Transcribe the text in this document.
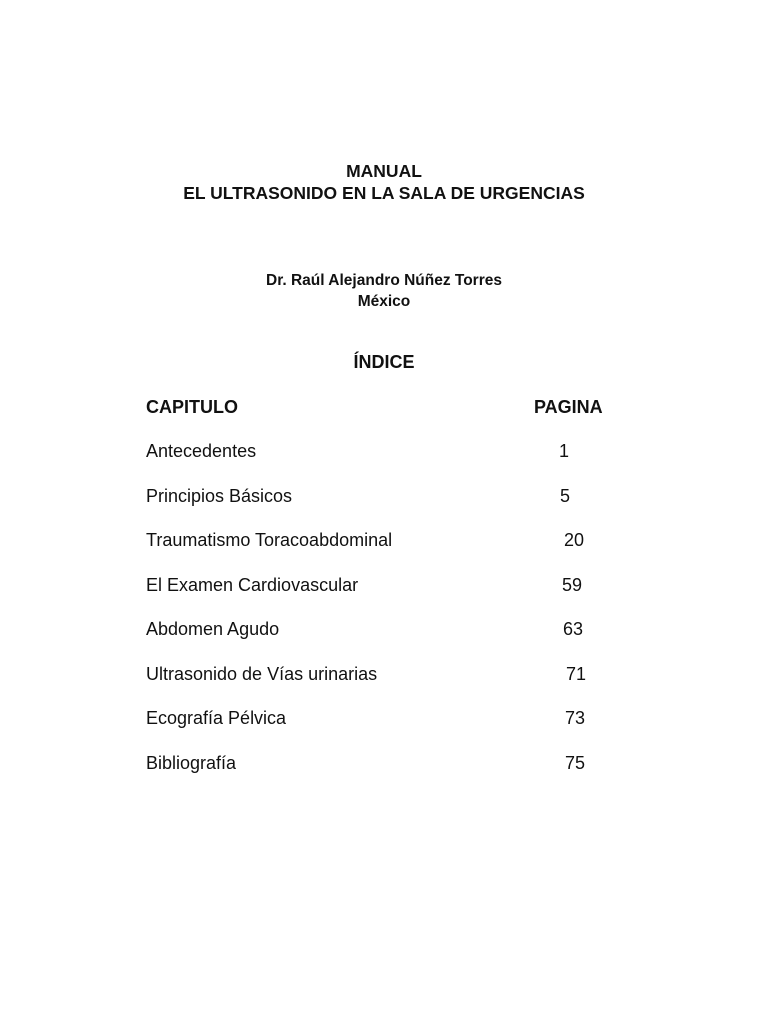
MANUAL
EL ULTRASONIDO EN LA SALA DE URGENCIAS
Dr. Raúl Alejandro Núñez Torres
México
ÍNDICE
CAPITULO	PAGINA
Antecedentes	1
Principios Básicos	5
Traumatismo Toracoabdominal	20
El Examen Cardiovascular	59
Abdomen Agudo	63
Ultrasonido de Vías urinarias	71
Ecografía Pélvica	73
Bibliografía	75
